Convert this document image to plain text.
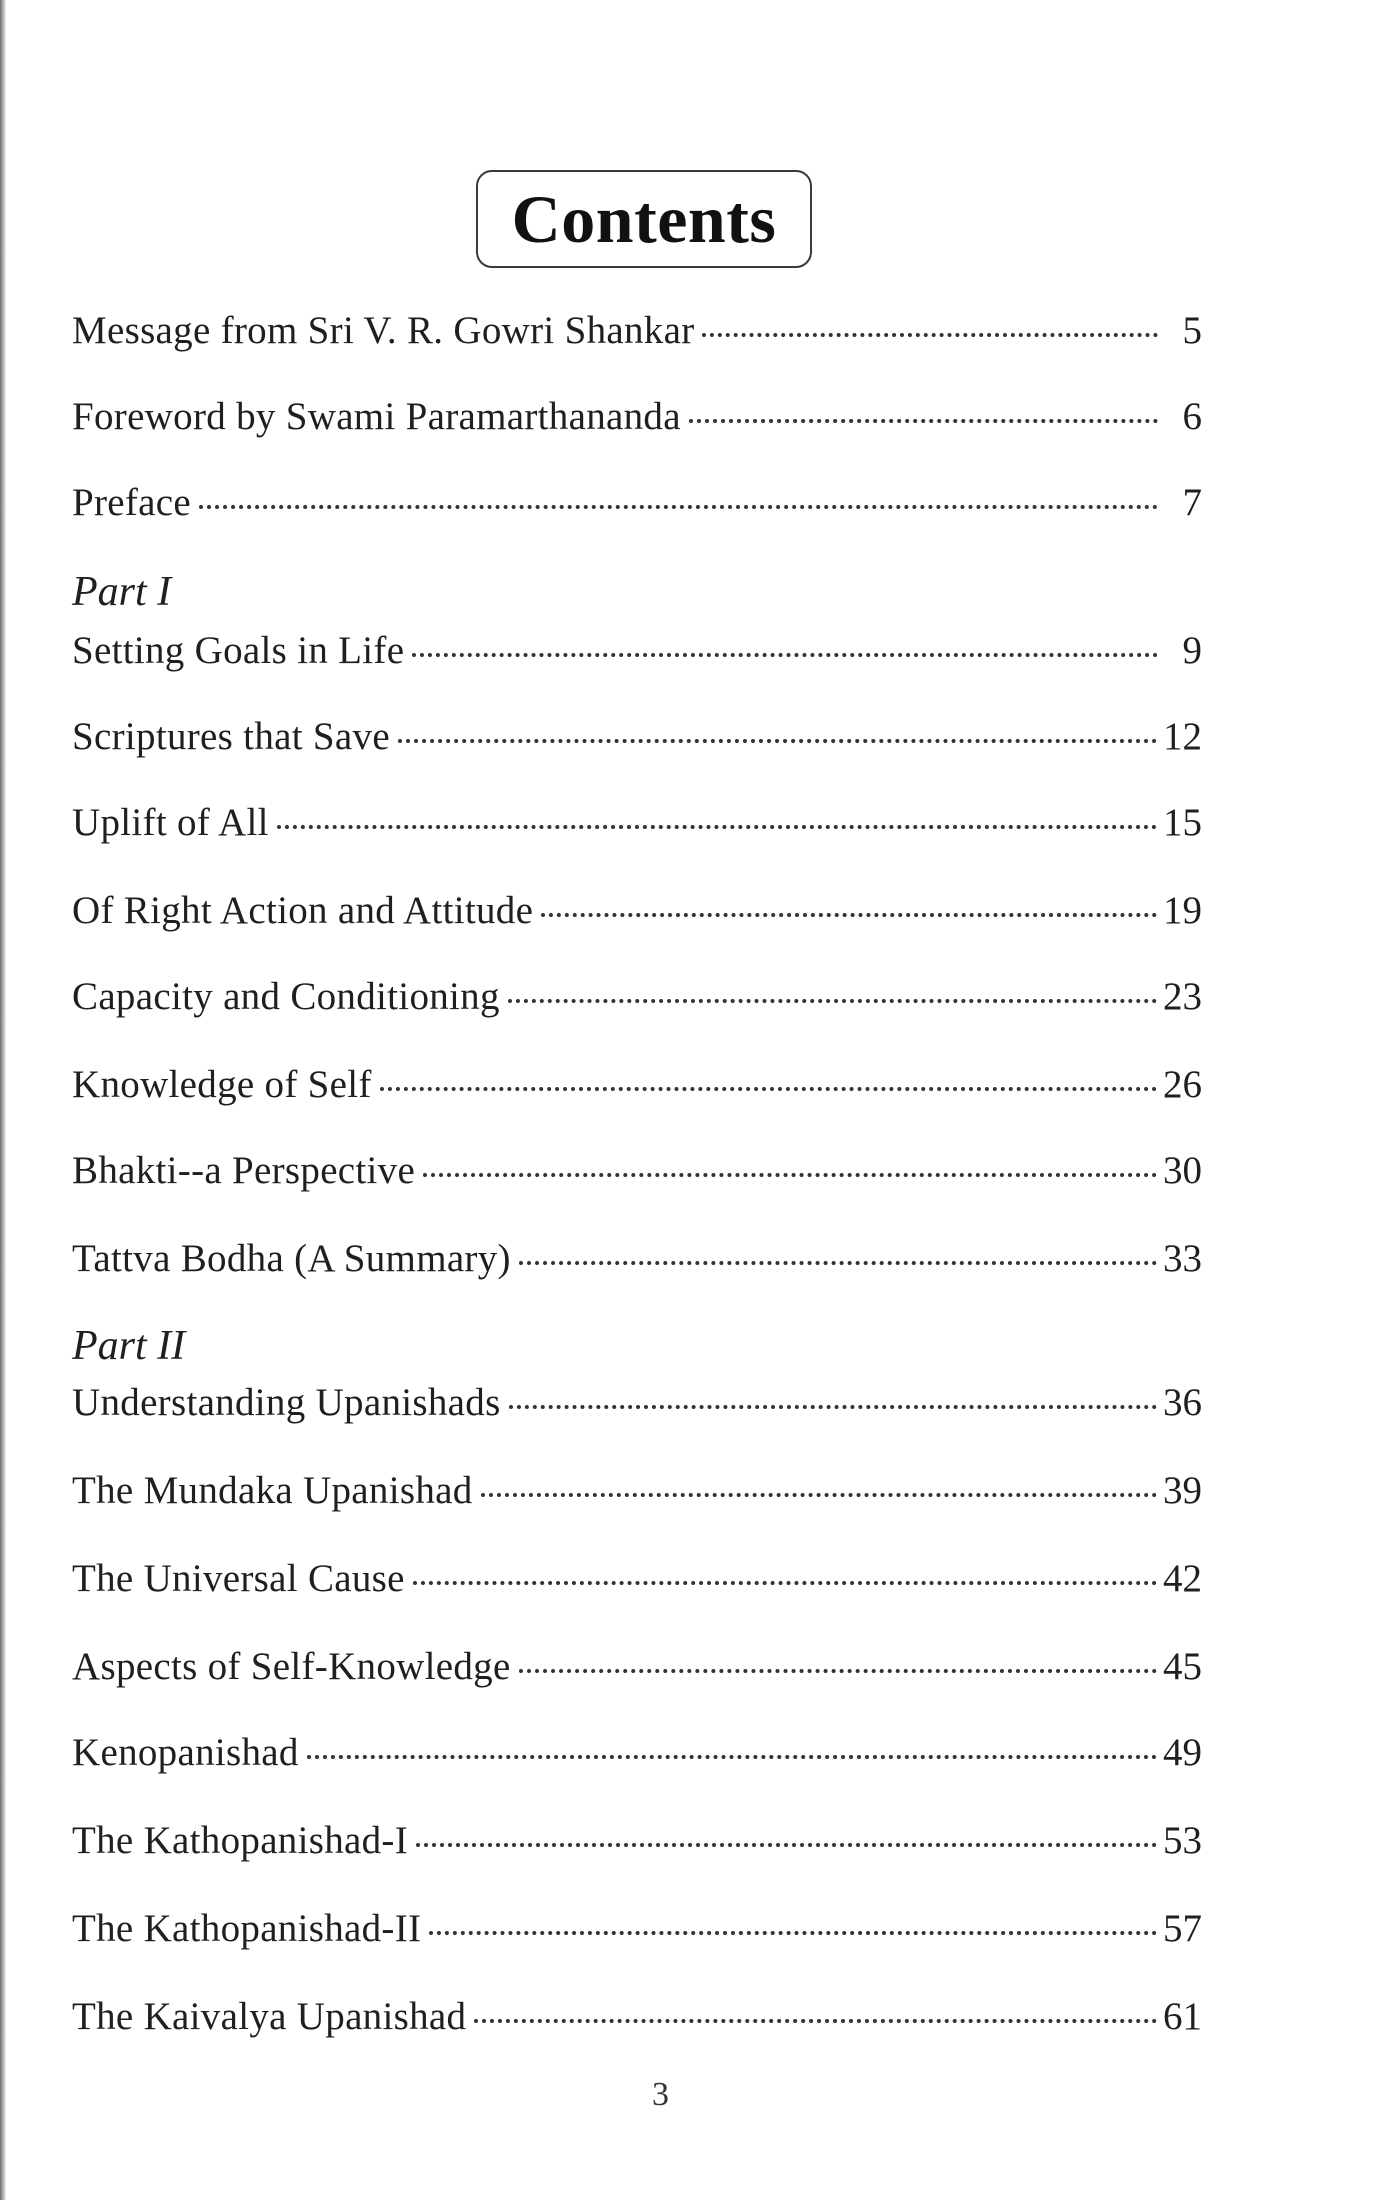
Contents
Message from Sri V. R. Gowri Shankar	5
Foreword by Swami Paramarthananda	6
Preface	7
Part I
Setting Goals in Life	9
Scriptures that Save	12
Uplift of All	15
Of Right Action and Attitude	19
Capacity and Conditioning	23
Knowledge of Self	26
Bhakti--a Perspective	30
Tattva Bodha (A Summary)	33
Part II
Understanding Upanishads	36
The Mundaka Upanishad	39
The Universal Cause	42
Aspects of Self-Knowledge	45
Kenopanishad	49
The Kathopanishad-I	53
The Kathopanishad-II	57
The Kaivalya Upanishad	61
3
